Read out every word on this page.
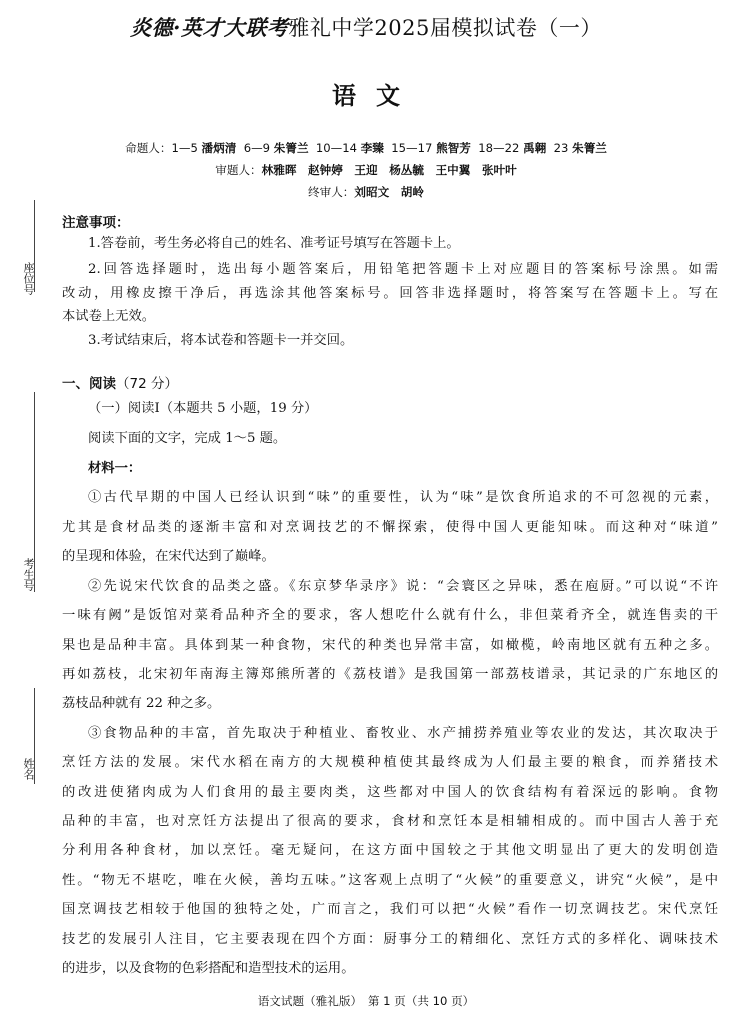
炎德·英才大联考雅礼中学2025届模拟试卷（一）
语文
命题人：1—5 潘炳清 6—9 朱箐兰 10—14 李臻 15—17 熊智芳 18—22 禹翱 23 朱箐兰
审题人：林雅晖　赵钟婷　王迎　杨丛毓　王中翼　张叶叶
终审人：刘昭文　胡岭
座位号
考生号
姓名
注意事项：
1.答卷前，考生务必将自己的姓名、准考证号填写在答题卡上。
2.回答选择题时，选出每小题答案后，用铅笔把答题卡上对应题目的答案标号涂黑。如需
改动，用橡皮擦干净后，再选涂其他答案标号。回答非选择题时，将答案写在答题卡上。写在
本试卷上无效。
3.考试结束后，将本试卷和答题卡一并交回。
一、阅读（72 分）
（一）阅读Ⅰ（本题共 5 小题，19 分）
阅读下面的文字，完成 1～5 题。
材料一：
①古代早期的中国人已经认识到“味”的重要性，认为“味”是饮食所追求的不可忽视的元素，
尤其是食材品类的逐渐丰富和对烹调技艺的不懈探索，使得中国人更能知味。而这种对“味道”
的呈现和体验，在宋代达到了巅峰。
②先说宋代饮食的品类之盛。《东京梦华录序》说：“会寰区之异味，悉在庖厨。”可以说“不许
一味有阙”是饭馆对菜肴品种齐全的要求，客人想吃什么就有什么，非但菜肴齐全，就连售卖的干
果也是品种丰富。具体到某一种食物，宋代的种类也异常丰富，如橄榄，岭南地区就有五种之多。
再如荔枝，北宋初年南海主簿郑熊所著的《荔枝谱》是我国第一部荔枝谱录，其记录的广东地区的
荔枝品种就有 22 种之多。
③食物品种的丰富，首先取决于种植业、畜牧业、水产捕捞养殖业等农业的发达，其次取决于
烹饪方法的发展。宋代水稻在南方的大规模种植使其最终成为人们最主要的粮食，而养猪技术
的改进使猪肉成为人们食用的最主要肉类，这些都对中国人的饮食结构有着深远的影响。食物
品种的丰富，也对烹饪方法提出了很高的要求，食材和烹饪本是相辅相成的。而中国古人善于充
分利用各种食材，加以烹饪。毫无疑问，在这方面中国较之于其他文明显出了更大的发明创造
性。“物无不堪吃，唯在火候，善均五味。”这客观上点明了“火候”的重要意义，讲究“火候”，是中
国烹调技艺相较于他国的独特之处，广而言之，我们可以把“火候”看作一切烹调技艺。宋代烹饪
技艺的发展引人注目，它主要表现在四个方面：厨事分工的精细化、烹饪方式的多样化、调味技术
的进步，以及食物的色彩搭配和造型技术的运用。
语文试题（雅礼版）　第 1 页（共 10 页）
